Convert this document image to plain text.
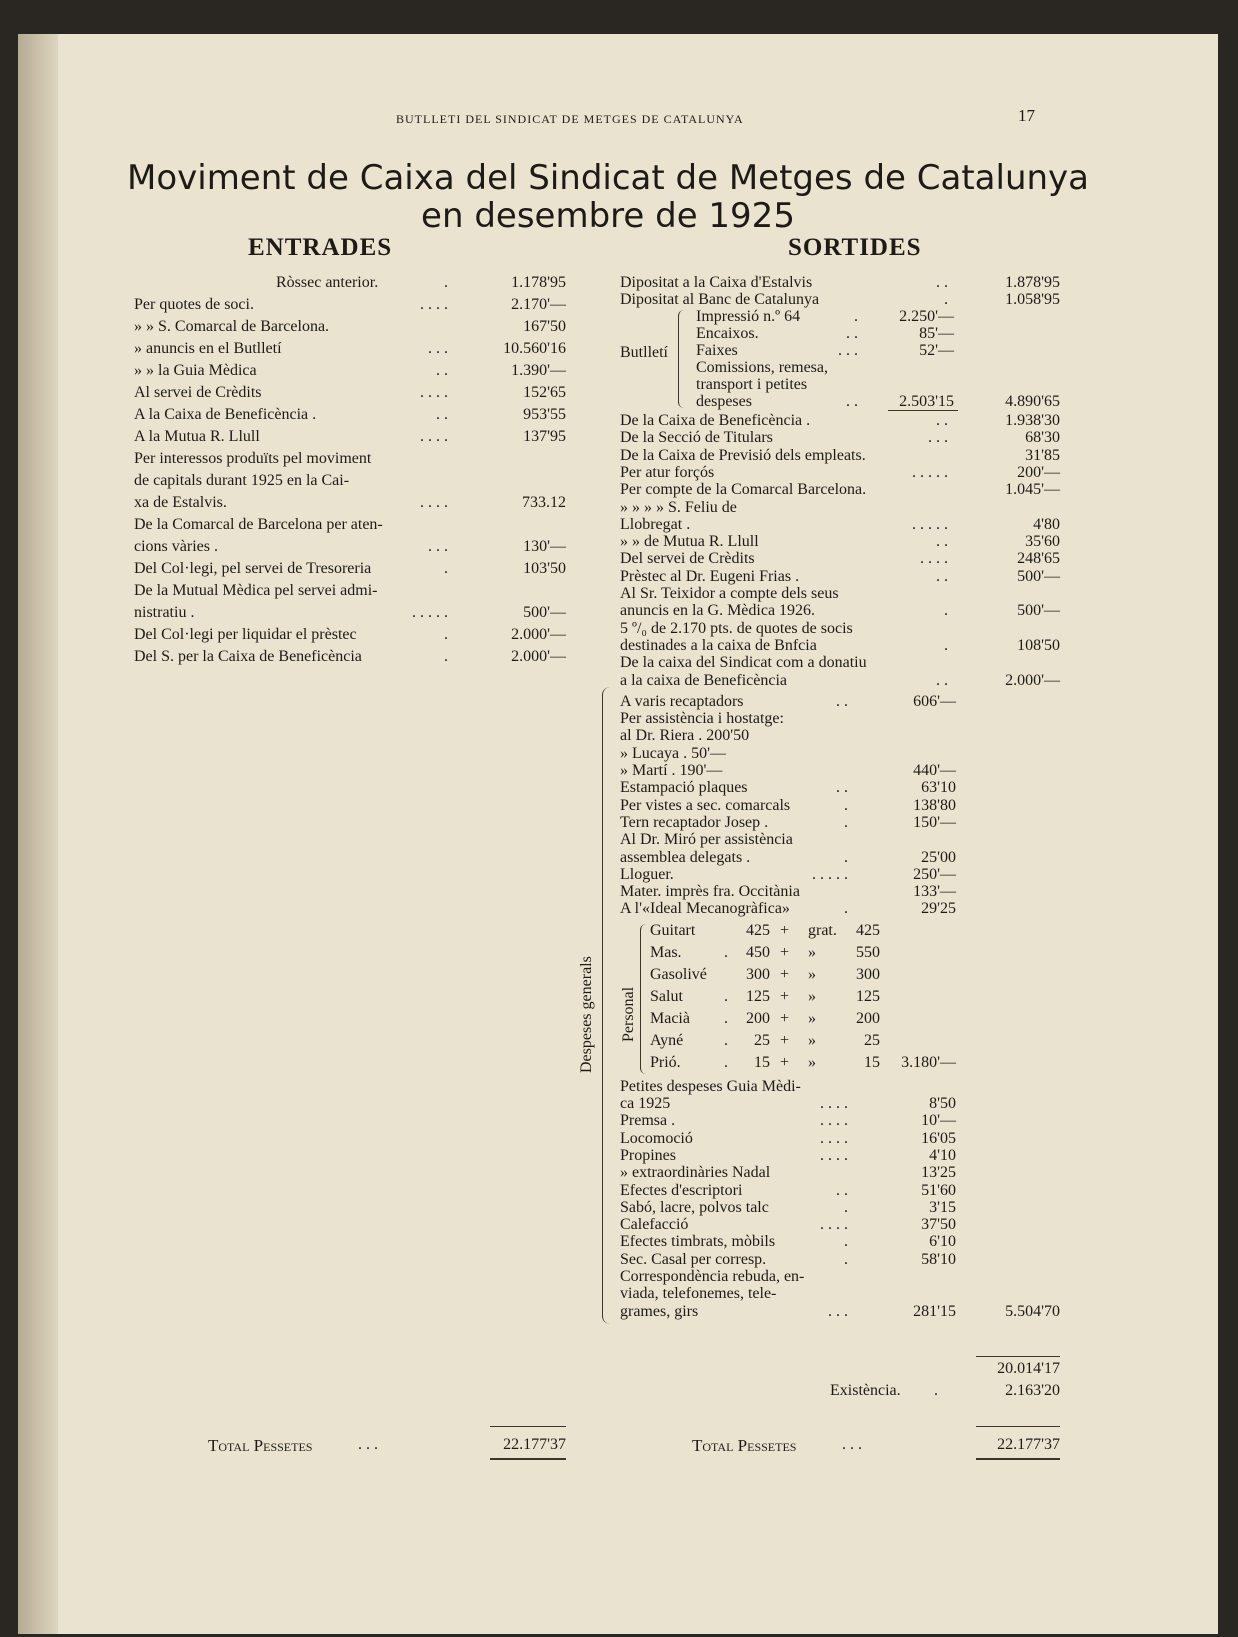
BUTLLETI DEL SINDICAT DE METGES DE CATALUNYA	17
Moviment de Caixa del Sindicat de Metges de Catalunya
en desembre de 1925
ENTRADES	SORTIDES
Ròssec anterior.	.	1.178'95
Per quotes de soci.	. . . .	2.170'—
» » S. Comarcal de Barcelona.	167'50
» anuncis en el Butlletí	. . .	10.560'16
» » la Guia Mèdica	. .	1.390'—
Al servei de Crèdits	. . . .	152'65
A la Caixa de Beneficència .	. .	953'55
A la Mutua R. Llull	. . . .	137'95
Per interessos produïts pel moviment
de capitals durant 1925 en la Cai-
xa de Estalvis.	. . . .	733.12
De la Comarcal de Barcelona per aten-
cions vàries .	. . .	130'—
Del Col·legi, pel servei de Tresoreria	.	103'50
De la Mutual Mèdica pel servei admi-
nistratiu .	. . . . .	500'—
Del Col·legi per liquidar el prèstec	.	2.000'—
Del S. per la Caixa de Beneficència	.	2.000'—
Dipositat a la Caixa d'Estalvis	. .	1.878'95
Dipositat al Banc de Catalunya	.	1.058'95
Butlletí
Impressió n.º 64	.	2.250'—
Encaixos.	. .	85'—
Faixes	. . .	52'—
Comissions, remesa,
transport i petites
despeses	. .	2.503'15	4.890'65
De la Caixa de Beneficència .	. .	1.938'30
De la Secció de Titulars	. . .	68'30
De la Caixa de Previsió dels empleats.	31'85
Per atur forçós	. . . . .	200'—
Per compte de la Comarcal Barcelona.	1.045'—
» » » » S. Feliu de
Llobregat .	. . . . .	4'80
» » de Mutua R. Llull	. .	35'60
Del servei de Crèdits	. . . .	248'65
Prèstec al Dr. Eugeni Frias .	. .	500'—
Al Sr. Teixidor a compte dels seus
anuncis en la G. Mèdica 1926.	.	500'—
5 º/₀ de 2.170 pts. de quotes de socis
destinades a la caixa de Bnfcia	.	108'50
De la caixa del Sindicat com a donatiu
a la caixa de Beneficència	. .	2.000'—
A varis recaptadors	. .	606'—
Per assistència i hostatge:
al Dr. Riera . 200'50
» Lucaya . 50'—
» Martí . 190'—	440'—
Estampació plaques	. .	63'10
Per vistes a sec. comarcals	.	138'80
Tern recaptador Josep .	.	150'—
Al Dr. Miró per assistència
assemblea delegats .	.	25'00
Lloguer.	. . . . .	250'—
Mater. imprès fra. Occitània	133'—
A l'«Ideal Mecanogràfica»	.	29'25
Guitart	425 + grat.	425
Mas.	.	450 + »	550
Gasolivé	300 + »	300
Salut	.	125 + »	125
Macià	.	200 + »	200
Ayné	.	25 + »	25
Prió.	.	15 + »	15	3.180'—
Personal
Petites despeses Guia Mèdi-
ca 1925	. . . .	8'50
Premsa .	. . . .	10'—
Locomoció	. . . .	16'05
Propines	. . . .	4'10
» extraordinàries Nadal	13'25
Efectes d'escriptori	. .	51'60
Sabó, lacre, polvos talc	.	3'15
Calefacció	. . . .	37'50
Efectes timbrats, mòbils	.	6'10
Sec. Casal per corresp.	.	58'10
Correspondència rebuda, en-
viada, telefonemes, tele-
grames, girs	. . .	281'15	5.504'70
Despeses generals
20.014'17
Existència.	.	2.163'20
Total Pessetes	. . .	22.177'37	Total Pessetes	. . .	22.177'37
